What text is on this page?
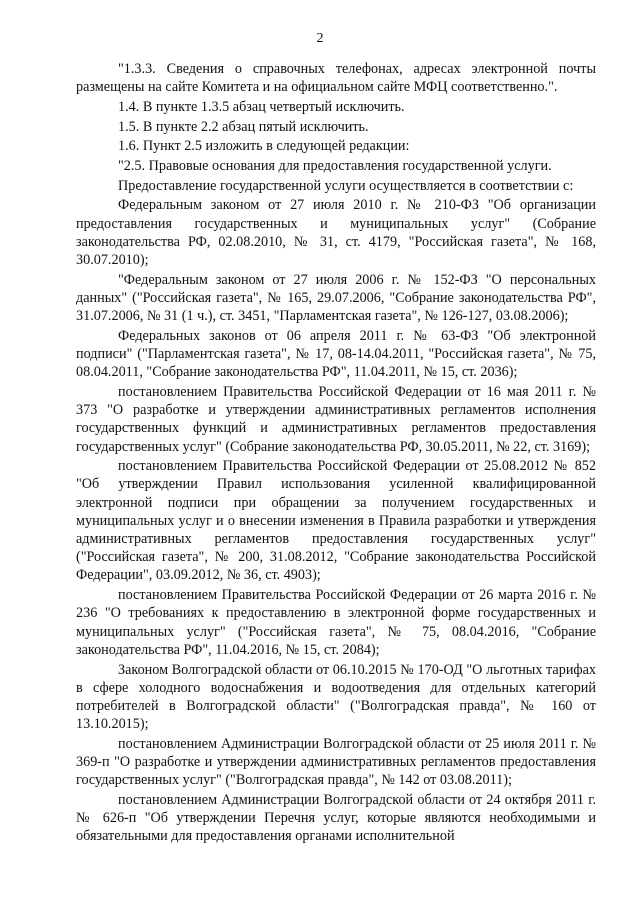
2

"1.3.3. Сведения о справочных телефонах, адресах электронной почты размещены на сайте Комитета и на официальном сайте МФЦ соответственно.".

1.4. В пункте 1.3.5 абзац четвертый исключить.

1.5. В пункте 2.2 абзац пятый исключить.

1.6. Пункт 2.5 изложить в следующей редакции:

"2.5. Правовые основания для предоставления государственной услуги.

Предоставление государственной услуги осуществляется в соответствии с:

Федеральным законом от 27 июля 2010 г. № 210-ФЗ "Об организации предоставления государственных и муниципальных услуг" (Собрание законодательства РФ, 02.08.2010, № 31, ст. 4179, "Российская газета", № 168, 30.07.2010);

"Федеральным законом от 27 июля 2006 г. № 152-ФЗ "О персональных данных" ("Российская газета", № 165, 29.07.2006, "Собрание законодательства РФ", 31.07.2006, № 31 (1 ч.), ст. 3451, "Парламентская газета", № 126-127, 03.08.2006);

Федеральных законов от 06 апреля 2011 г. № 63-ФЗ "Об электронной подписи" ("Парламентская газета", № 17, 08-14.04.2011, "Российская газета", № 75, 08.04.2011, "Собрание законодательства РФ", 11.04.2011, № 15, ст. 2036);

постановлением Правительства Российской Федерации от 16 мая 2011 г. № 373 "О разработке и утверждении административных регламентов исполнения государственных функций и административных регламентов предоставления государственных услуг" (Собрание законодательства РФ, 30.05.2011, № 22, ст. 3169);

постановлением Правительства Российской Федерации от 25.08.2012 № 852 "Об утверждении Правил использования усиленной квалифицированной электронной подписи при обращении за получением государственных и муниципальных услуг и о внесении изменения в Правила разработки и утверждения административных регламентов предоставления государственных услуг" ("Российская газета", № 200, 31.08.2012, "Собрание законодательства Российской Федерации", 03.09.2012, № 36, ст. 4903);

постановлением Правительства Российской Федерации от 26 марта 2016 г. № 236 "О требованиях к предоставлению в электронной форме государственных и муниципальных услуг" ("Российская газета", № 75, 08.04.2016, "Собрание законодательства РФ", 11.04.2016, № 15, ст. 2084);

Законом Волгоградской области от 06.10.2015 № 170-ОД "О льготных тарифах в сфере холодного водоснабжения и водоотведения для отдельных категорий потребителей в Волгоградской области" ("Волгоградская правда", № 160 от 13.10.2015);

постановлением Администрации Волгоградской области от 25 июля 2011 г. № 369-п "О разработке и утверждении административных регламентов предоставления государственных услуг" ("Волгоградская правда", № 142 от 03.08.2011);

постановлением Администрации Волгоградской области от 24 октября 2011 г. № 626-п "Об утверждении Перечня услуг, которые являются необходимыми и обязательными для предоставления органами исполнительной
